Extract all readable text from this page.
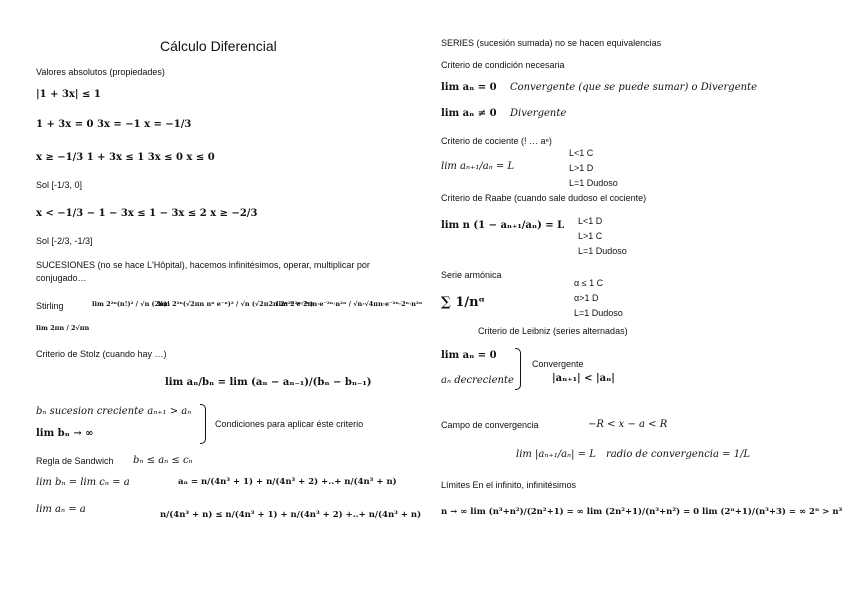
Cálculo Diferencial
Valores absolutos (propiedades)
|1 + 3x| ≤ 1
1 + 3x = 0 3x = −1 x = −1/3
x ≥ −1/3 1 + 3x ≤ 1 3x ≤ 0 x ≤ 0
Sol [-1/3, 0]
x < −1/3 − 1 − 3x ≤ 1 − 3x ≤ 2 x ≥ −2/3
Sol [-2/3, -1/3]
SUCESIONES (no se hace L'Hôpital), hacemos infinitésimos, operar, multiplicar por
conjugado…
Stirling	lim 2²ⁿ(n!)² / √n (2n)!
lim 2²ⁿ(√2πn nⁿ e⁻ⁿ)² / √n (√2π2n 2ⁿ²ⁿ e⁻²ⁿ)
lim 2²ⁿ·2πn·e⁻²ⁿ·n²ⁿ / √n·√4πn·e⁻²ⁿ·2ⁿ·n²ⁿ
lim 2πn / 2√πn
Criterio de Stolz (cuando hay …)
lim aₙ/bₙ = lim (aₙ − aₙ₋₁)/(bₙ − bₙ₋₁)
bₙ sucesion creciente aₙ₊₁ > aₙ
lim bₙ → ∞
Condiciones para aplicar éste criterio
Regla de Sandwich bₙ ≤ aₙ ≤ cₙ
lim bₙ = lim cₙ = a
lim aₙ = a
aₙ = n/(4n³ + 1) + n/(4n³ + 2) +..+ n/(4n³ + n)
n/(4n³ + n) ≤ n/(4n³ + 1) + n/(4n³ + 2) +..+ n/(4n³ + n)
SERIES (sucesión sumada) no se hacen equivalencias
Criterio de condición necesaria
lim aₙ = 0 Convergente (que se puede sumar) o Divergente
lim aₙ ≠ 0 Divergente
Criterio de cociente (! … aⁿ)
lim aₙ₊₁/aₙ = L
L<1 C
L>1 D
L=1 Dudoso
Criterio de Raabe (cuando sale dudoso el cociente)
lim n (1 − aₙ₊₁/aₙ) = L L<1 D
L>1 C
L=1 Dudoso
Serie armónica
∑ 1/nᵅ
α ≤ 1 C
α>1 D
L=1 Dudoso
Criterio de Leibniz (series alternadas)
lim aₙ = 0
aₙ decreciente
Convergente
|aₙ₊₁| < |aₙ|
Campo de convergencia	−R < x − a < R
lim |aₙ₊₁/aₙ| = L radio de convergencia = 1/L
Límites En el infinito, infinitésimos
n → ∞ lim (n³+n²)/(2n²+1) = ∞ lim (2n²+1)/(n³+n²) = 0 lim (2ⁿ+1)/(n³+3) = ∞ 2ⁿ > n³
